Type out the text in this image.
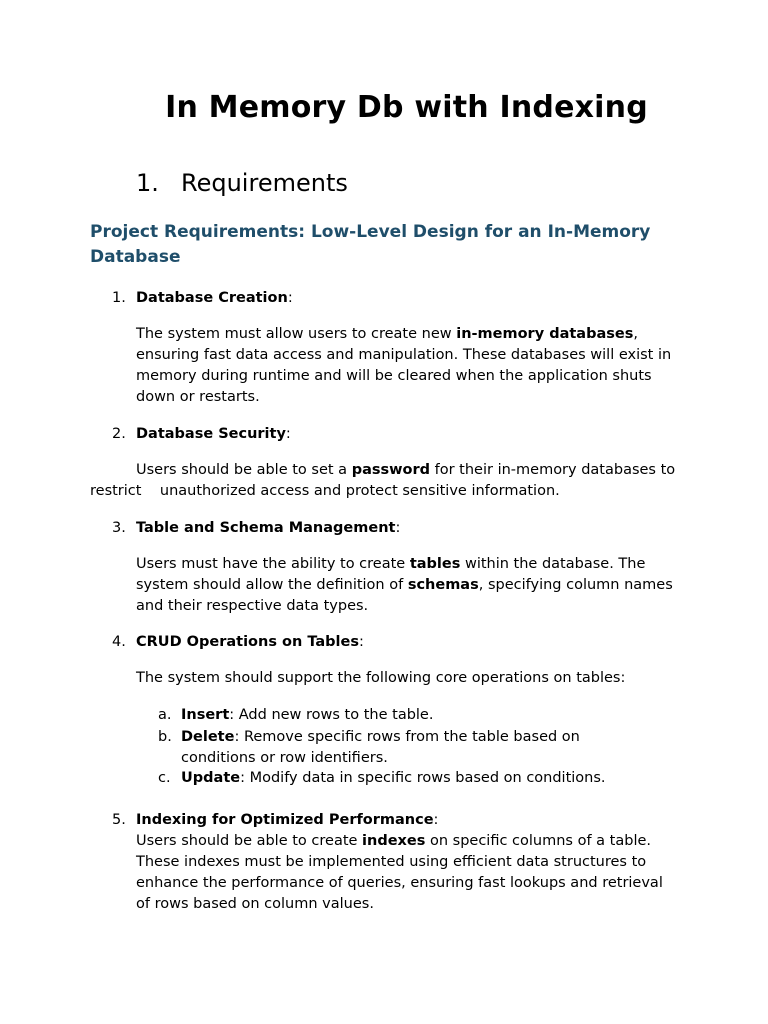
In Memory Db with Indexing
1. Requirements
Project Requirements: Low-Level Design for an In-Memory Database

1. Database Creation:

The system must allow users to create new in-memory databases, ensuring fast data access and manipulation. These databases will exist in memory during runtime and will be cleared when the application shuts down or restarts.

2. Database Security:

Users should be able to set a password for their in-memory databases to restrict    unauthorized access and protect sensitive information.

3. Table and Schema Management:

Users must have the ability to create tables within the database. The system should allow the definition of schemas, specifying column names and their respective data types.

4. CRUD Operations on Tables:

The system should support the following core operations on tables:

a. Insert: Add new rows to the table.

b. Delete: Remove specific rows from the table based on conditions or row identifiers.

c. Update: Modify data in specific rows based on conditions.

5. Indexing for Optimized Performance:

Users should be able to create indexes on specific columns of a table. These indexes must be implemented using efficient data structures to enhance the performance of queries, ensuring fast lookups and retrieval of rows based on column values.
